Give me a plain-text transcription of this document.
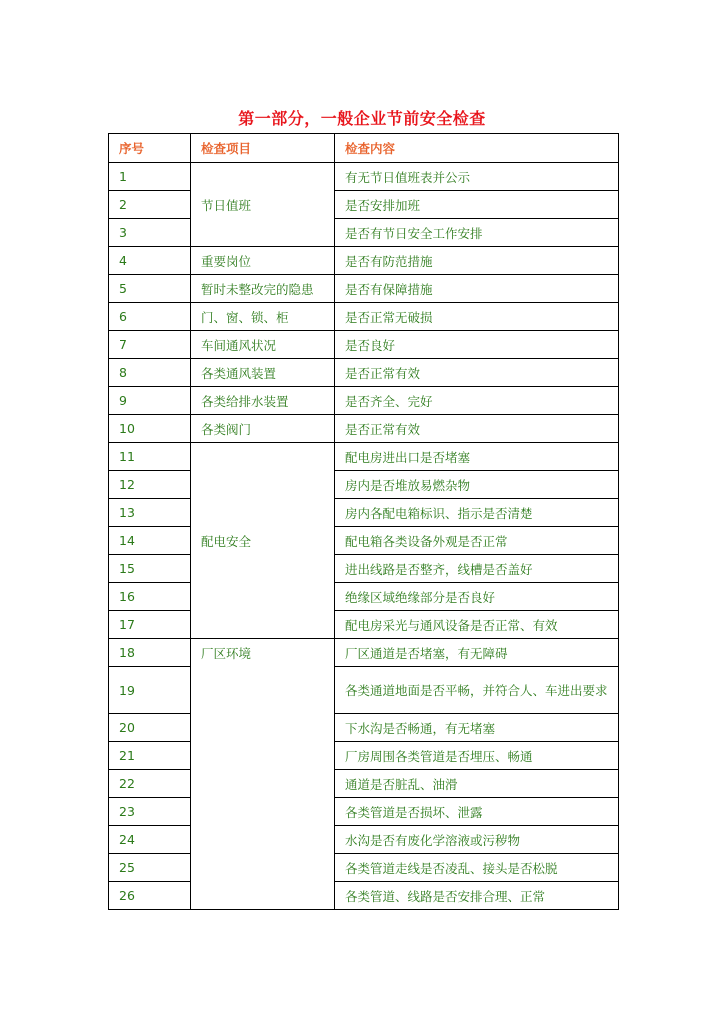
第一部分，一般企业节前安全检查
序号	检查项目	检查内容
1	节日值班	有无节日值班表并公示
2		是否安排加班
3		是否有节日安全工作安排
4	重要岗位	是否有防范措施
5	暂时未整改完的隐患	是否有保障措施
6	门、窗、锁、柜	是否正常无破损
7	车间通风状况	是否良好
8	各类通风装置	是否正常有效
9	各类给排水装置	是否齐全、完好
10	各类阀门	是否正常有效
11	配电安全	配电房进出口是否堵塞
12		房内是否堆放易燃杂物
13		房内各配电箱标识、指示是否清楚
14		配电箱各类设备外观是否正常
15		进出线路是否整齐，线槽是否盖好
16		绝缘区域绝缘部分是否良好
17		配电房采光与通风设备是否正常、有效
18	厂区环境	厂区通道是否堵塞，有无障碍
19		各类通道地面是否平畅，并符合人、车进出要求
20		下水沟是否畅通，有无堵塞
21		厂房周围各类管道是否埋压、畅通
22		通道是否脏乱、油滑
23		各类管道是否损坏、泄露
24		水沟是否有废化学溶液或污秽物
25		各类管道走线是否凌乱、接头是否松脱
26		各类管道、线路是否安排合理、正常
